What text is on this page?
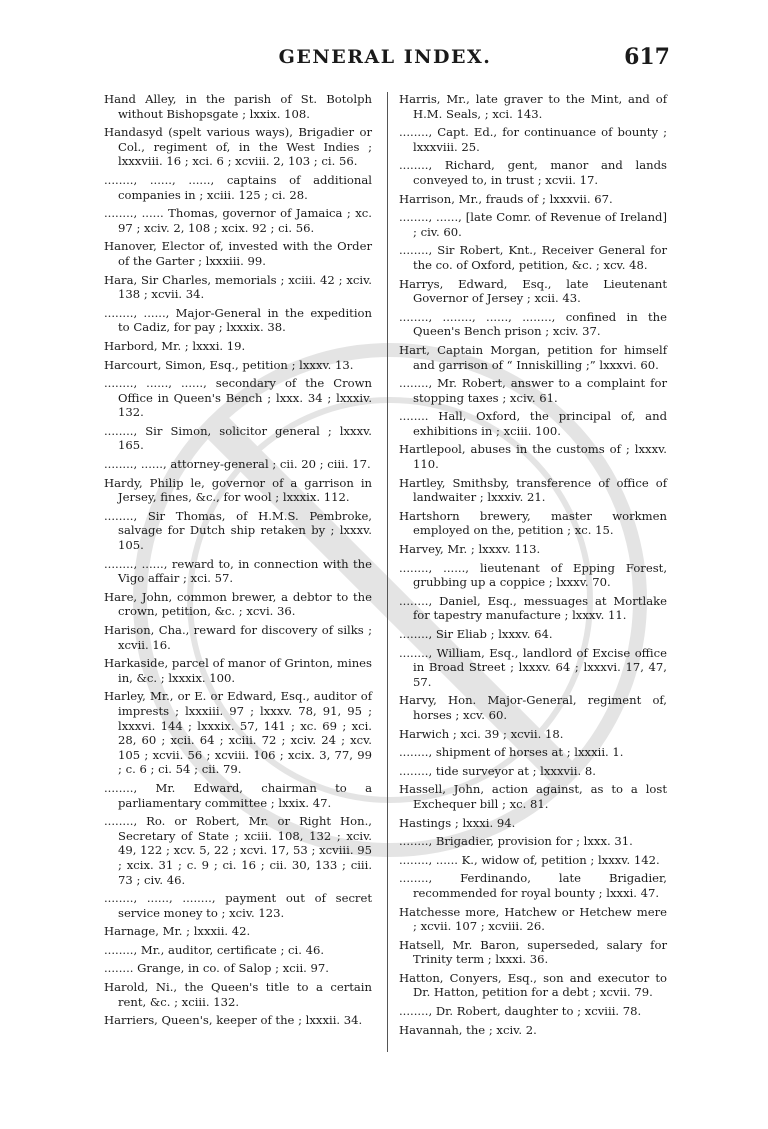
GENERAL INDEX.	617
Hand Alley, in the parish of St. Botolph without Bishopsgate ; lxxix. 108.
Handasyd (spelt various ways), Brigadier or Col., regiment of, in the West Indies ; lxxxviii. 16 ; xci. 6 ; xcviii. 2, 103 ; ci. 56.
........, ......, ......, captains of additional companies in ; xciii. 125 ; ci. 28.
........, ...... Thomas, governor of Jamaica ; xc. 97 ; xciv. 2, 108 ; xcix. 92 ; ci. 56.
Hanover, Elector of, invested with the Order of the Garter ; lxxxiii. 99.
Hara, Sir Charles, memorials ; xciii. 42 ; xciv. 138 ; xcvii. 34.
........, ......, Major-General in the expedition to Cadiz, for pay ; lxxxix. 38.
Harbord, Mr. ; lxxxi. 19.
Harcourt, Simon, Esq., petition ; lxxxv. 13.
........, ......, ......, secondary of the Crown Office in Queen's Bench ; lxxx. 34 ; lxxxiv. 132.
........, Sir Simon, solicitor general ; lxxxv. 165.
........, ......, attorney-general ; cii. 20 ; ciii. 17.
Hardy, Philip le, governor of a garrison in Jersey, fines, &c., for wool ; lxxxix. 112.
........, Sir Thomas, of H.M.S. Pembroke, salvage for Dutch ship retaken by ; lxxxv. 105.
........, ......, reward to, in connection with the Vigo affair ; xci. 57.
Hare, John, common brewer, a debtor to the crown, petition, &c. ; xcvi. 36.
Harison, Cha., reward for discovery of silks ; xcvii. 16.
Harkaside, parcel of manor of Grinton, mines in, &c. ; lxxxix. 100.
Harley, Mr., or E. or Edward, Esq., auditor of imprests ; lxxxiii. 97 ; lxxxv. 78, 91, 95 ; lxxxvi. 144 ; lxxxix. 57, 141 ; xc. 69 ; xci. 28, 60 ; xcii. 64 ; xciii. 72 ; xciv. 24 ; xcv. 105 ; xcvii. 56 ; xcviii. 106 ; xcix. 3, 77, 99 ; c. 6 ; ci. 54 ; cii. 79.
........, Mr. Edward, chairman to a parliamentary committee ; lxxix. 47.
........, Ro. or Robert, Mr. or Right Hon., Secretary of State ; xciii. 108, 132 ; xciv. 49, 122 ; xcv. 5, 22 ; xcvi. 17, 53 ; xcviii. 95 ; xcix. 31 ; c. 9 ; ci. 16 ; cii. 30, 133 ; ciii. 73 ; civ. 46.
........, ......, ........, payment out of secret service money to ; xciv. 123.
Harnage, Mr. ; lxxxii. 42.
........, Mr., auditor, certificate ; ci. 46.
........ Grange, in co. of Salop ; xcii. 97.
Harold, Ni., the Queen's title to a certain rent, &c. ; xciii. 132.
Harriers, Queen's, keeper of the ; lxxxii. 34.
Harris, Mr., late graver to the Mint, and of H.M. Seals, ; xci. 143.
........, Capt. Ed., for continuance of bounty ; lxxxviii. 25.
........, Richard, gent, manor and lands conveyed to, in trust ; xcvii. 17.
Harrison, Mr., frauds of ; lxxxvii. 67.
........, ......, [late Comr. of Revenue of Ireland] ; civ. 60.
........, Sir Robert, Knt., Receiver General for the co. of Oxford, petition, &c. ; xcv. 48.
Harrys, Edward, Esq., late Lieutenant Governor of Jersey ; xcii. 43.
........, ........, ......, ........, confined in the Queen's Bench prison ; xciv. 37.
Hart, Captain Morgan, petition for himself and garrison of “ Inniskilling ;” lxxxvi. 60.
........, Mr. Robert, answer to a complaint for stopping taxes ; xciv. 61.
........ Hall, Oxford, the principal of, and exhibitions in ; xciii. 100.
Hartlepool, abuses in the customs of ; lxxxv. 110.
Hartley, Smithsby, transference of office of landwaiter ; lxxxiv. 21.
Hartshorn brewery, master workmen employed on the, petition ; xc. 15.
Harvey, Mr. ; lxxxv. 113.
........, ......, lieutenant of Epping Forest, grubbing up a coppice ; lxxxv. 70.
........, Daniel, Esq., messuages at Mortlake for tapestry manufacture ; lxxxv. 11.
........, Sir Eliab ; lxxxv. 64.
........, William, Esq., landlord of Excise office in Broad Street ; lxxxv. 64 ; lxxxvi. 17, 47, 57.
Harvy, Hon. Major-General, regiment of, horses ; xcv. 60.
Harwich ; xci. 39 ; xcvii. 18.
........, shipment of horses at ; lxxxii. 1.
........, tide surveyor at ; lxxxvii. 8.
Hassell, John, action against, as to a lost Exchequer bill ; xc. 81.
Hastings ; lxxxi. 94.
........, Brigadier, provision for ; lxxx. 31.
........, ...... K., widow of, petition ; lxxxv. 142.
........, Ferdinando, late Brigadier, recommended for royal bounty ; lxxxi. 47.
Hatchesse more, Hatchew or Hetchew mere ; xcvii. 107 ; xcviii. 26.
Hatsell, Mr. Baron, superseded, salary for Trinity term ; lxxxi. 36.
Hatton, Conyers, Esq., son and executor to Dr. Hatton, petition for a debt ; xcvii. 79.
........, Dr. Robert, daughter to ; xcviii. 78.
Havannah, the ; xciv. 2.
